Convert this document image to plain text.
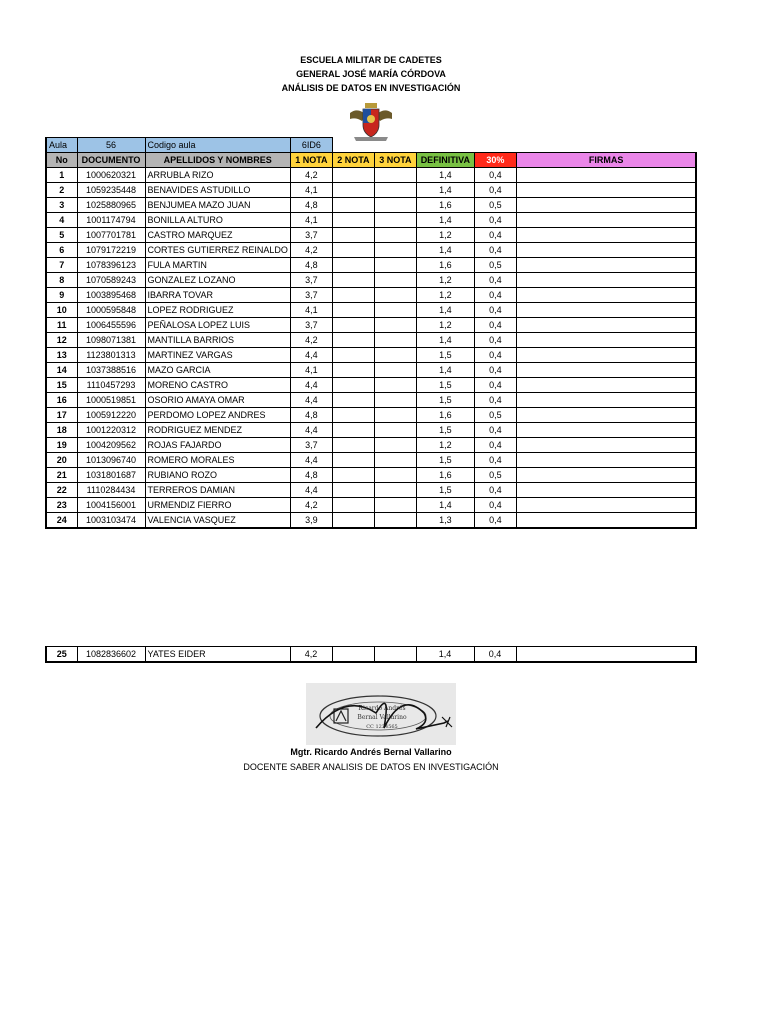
ESCUELA MILITAR DE CADETES
GENERAL JOSÉ MARÍA CÓRDOVA
ANÁLISIS DE DATOS EN INVESTIGACIÓN
Aula	56	Codigo aula	6ID6					
No	DOCUMENTO	APELLIDOS Y NOMBRES	1 NOTA	2 NOTA	3 NOTA	DEFINITIVA	30%	FIRMAS
1	1000620321	ARRUBLA RIZO	4,2			1,4	0,4	
2	1059235448	BENAVIDES ASTUDILLO	4,1			1,4	0,4	
3	1025880965	BENJUMEA MAZO JUAN	4,8			1,6	0,5	
4	1001174794	BONILLA ALTURO	4,1			1,4	0,4	
5	1007701781	CASTRO MARQUEZ	3,7			1,2	0,4	
6	1079172219	CORTES GUTIERREZ REINALDO	4,2			1,4	0,4	
7	1078396123	FULA MARTIN	4,8			1,6	0,5	
8	1070589243	GONZALEZ LOZANO	3,7			1,2	0,4	
9	1003895468	IBARRA TOVAR	3,7			1,2	0,4	
10	1000595848	LOPEZ RODRIGUEZ	4,1			1,4	0,4	
11	1006455596	PEÑALOSA LOPEZ LUIS	3,7			1,2	0,4	
12	1098071381	MANTILLA BARRIOS	4,2			1,4	0,4	
13	1123801313	MARTINEZ VARGAS	4,4			1,5	0,4	
14	1037388516	MAZO GARCIA	4,1			1,4	0,4	
15	1110457293	MORENO CASTRO	4,4			1,5	0,4	
16	1000519851	OSORIO AMAYA OMAR	4,4			1,5	0,4	
17	1005912220	PERDOMO LOPEZ ANDRES	4,8			1,6	0,5	
18	1001220312	RODRIGUEZ MENDEZ	4,4			1,5	0,4	
19	1004209562	ROJAS FAJARDO	3,7			1,2	0,4	
20	1013096740	ROMERO MORALES	4,4			1,5	0,4	
21	1031801687	RUBIANO ROZO	4,8			1,6	0,5	
22	1110284434	TERREROS DAMIAN	4,4			1,5	0,4	
23	1004156001	URMENDIZ FIERRO	4,2			1,4	0,4	
24	1003103474	VALENCIA VASQUEZ	3,9			1,3	0,4	
25	1082836602	YATES EIDER	4,2			1,4	0,4	
Ricardo Andrés
Bernal Vallarino
CC 1234565
Mgtr. Ricardo Andrés Bernal Vallarino
DOCENTE SABER ANALISIS DE DATOS EN INVESTIGACIÓN
